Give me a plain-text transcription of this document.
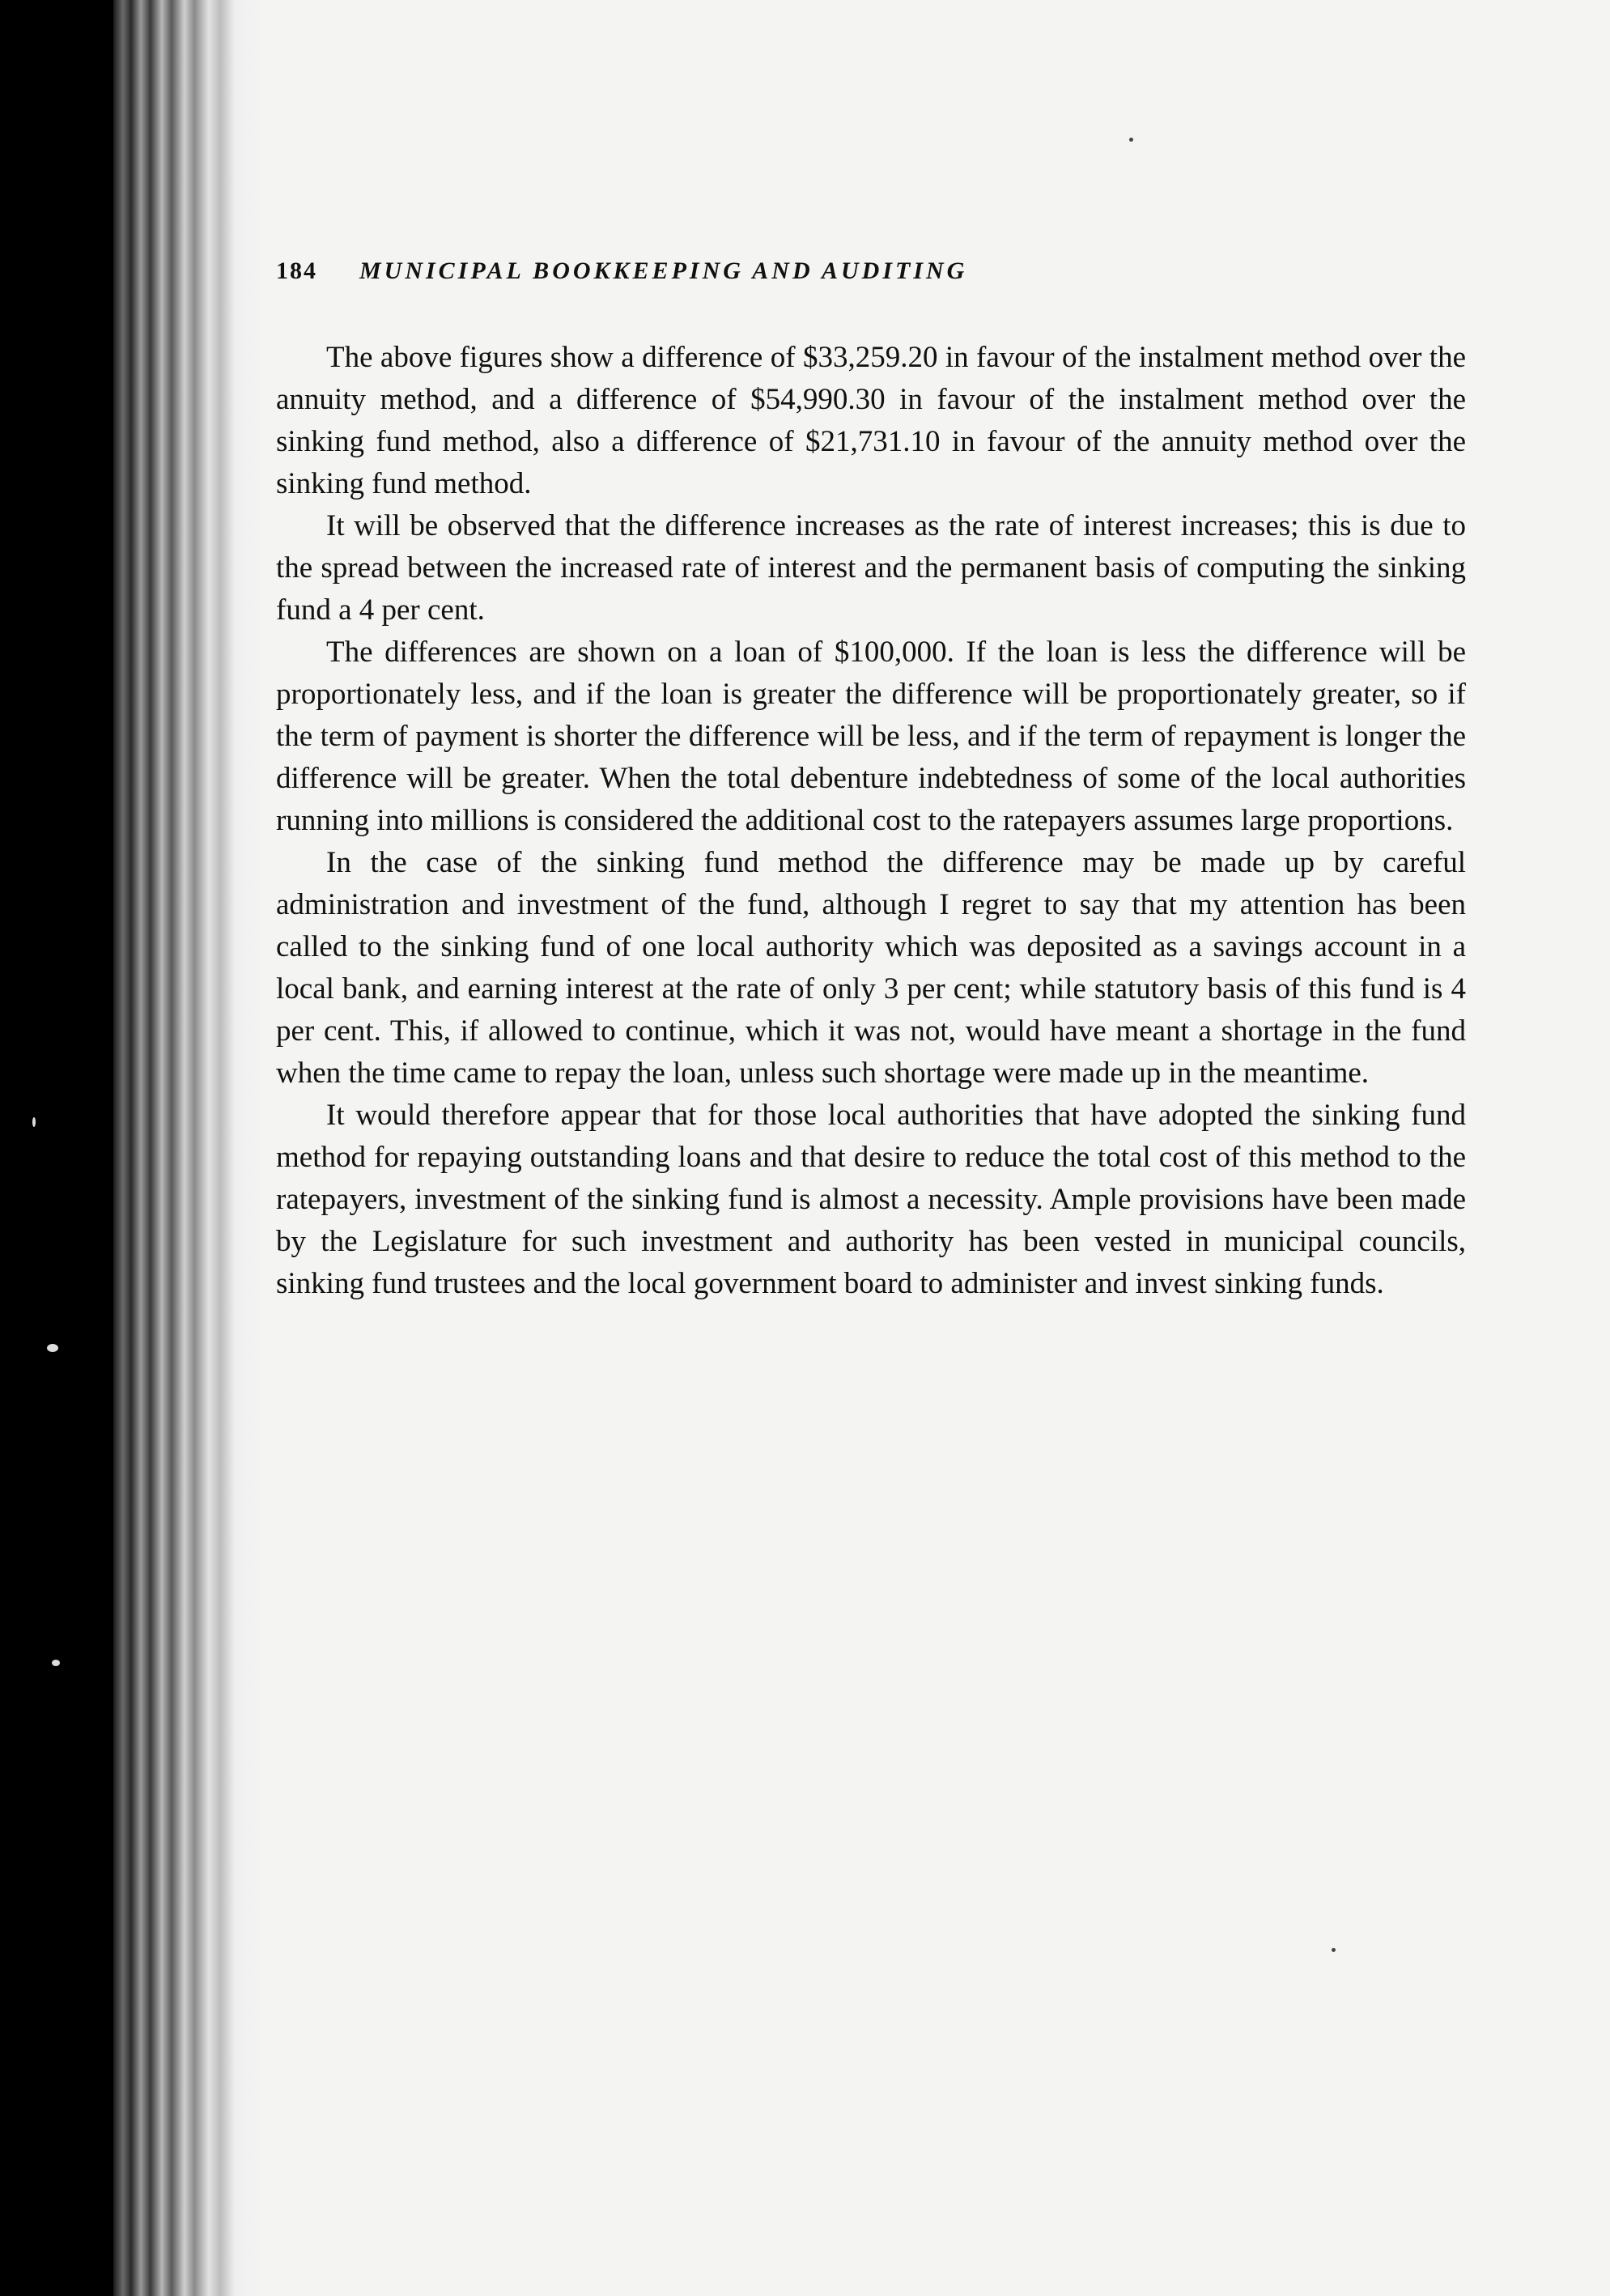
184 MUNICIPAL BOOKKEEPING AND AUDITING

The above figures show a difference of $33,259.20 in favour of the instalment method over the annuity method, and a difference of $54,990.30 in favour of the instalment method over the sinking fund method, also a difference of $21,731.10 in favour of the annuity method over the sinking fund method.

It will be observed that the difference increases as the rate of interest increases; this is due to the spread between the increased rate of interest and the permanent basis of computing the sinking fund a 4 per cent.

The differences are shown on a loan of $100,000. If the loan is less the difference will be proportionately less, and if the loan is greater the difference will be proportionately greater, so if the term of payment is shorter the difference will be less, and if the term of repayment is longer the difference will be greater. When the total debenture indebtedness of some of the local authorities running into millions is considered the additional cost to the ratepayers assumes large proportions.

In the case of the sinking fund method the difference may be made up by careful administration and investment of the fund, although I regret to say that my attention has been called to the sinking fund of one local authority which was deposited as a savings account in a local bank, and earning interest at the rate of only 3 per cent; while statutory basis of this fund is 4 per cent. This, if allowed to continue, which it was not, would have meant a shortage in the fund when the time came to repay the loan, unless such shortage were made up in the meantime.

It would therefore appear that for those local authorities that have adopted the sinking fund method for repaying outstanding loans and that desire to reduce the total cost of this method to the ratepayers, investment of the sinking fund is almost a necessity. Ample provisions have been made by the Legislature for such investment and authority has been vested in municipal councils, sinking fund trustees and the local government board to administer and invest sinking funds.
